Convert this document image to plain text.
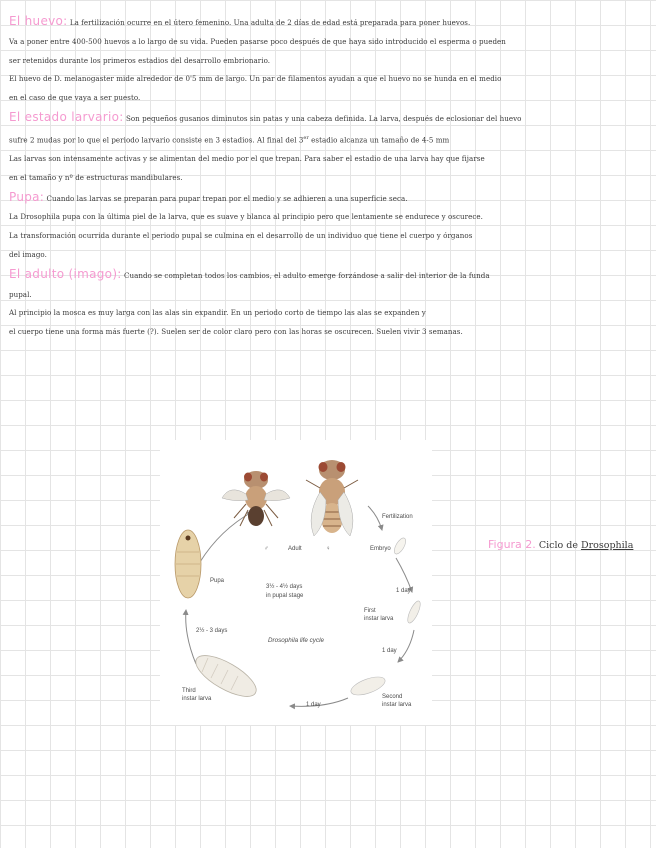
El huevo: La fertilización ocurre en el útero femenino. Una adulta de 2 días de edad está preparada para poner huevos.
Va a poner entre 400-500 huevos a lo largo de su vida. Pueden pasarse poco después de que haya sido introducido el esperma o pueden
ser retenidos durante los primeros estadios del desarrollo embrionario.
El huevo de D. melanogaster mide alrededor de 0'5 mm de largo. Un par de filamentos ayudan a que el huevo no se hunda en el medio
en el caso de que vaya a ser puesto.
El estado larvario: Son pequeños gusanos diminutos sin patas y una cabeza definida. La larva, después de eclosionar del huevo
sufre 2 mudas por lo que el periodo larvario consiste en 3 estadios. Al final del 3er estadio alcanza un tamaño de 4-5 mm
Las larvas son intensamente activas y se alimentan del medio por el que trepan. Para saber el estadio de una larva hay que fijarse
en el tamaño y nº de estructuras mandibulares.
Pupa: Cuando las larvas se preparan para pupar trepan por el medio y se adhieren a una superficie seca.
La Drosophila pupa con la última piel de la larva, que es suave y blanca al principio pero que lentamente se endurece y oscurece.
La transformación ocurrida durante el periodo pupal se culmina en el desarrollo de un individuo que tiene el cuerpo y órganos
del imago.
El adulto (imago): Cuando se completan todos los cambios, el adulto emerge forzándose a salir del interior de la funda
pupal.
Al principio la mosca es muy larga con las alas sin expandir. En un periodo corto de tiempo las alas se expanden y
el cuerpo tiene una forma más fuerte (?). Suelen ser de color claro pero con las horas se oscurecen. Suelen vivir 3 semanas.
♂	Adult	♀	Embryo
Fertilization
Pupa
3½ - 4½ days
in pupal stage
1 day
First
instar larva
2½ - 3 days
Drosophila life cycle
1 day
Third
instar larva
1 day
Second
instar larva
Figura 2. Ciclo de Drosophila
